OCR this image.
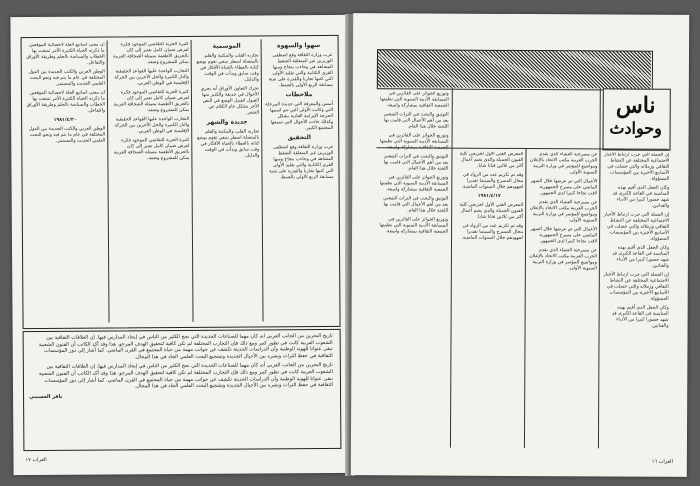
سهوا والسهوة

عرب وزارة الثقافة وقع اصطفى الوزيرين غير المتعلقة الشفط المشاهد في وجاءت بنجاح ومنها القرى الكتابية والتي تقليد الأولى التي كتبها تجاريا والقدرة على شنة مسابقة الربع الأولى بالضبط.

ملاحظات

أسس والمعرفة التي جديدة المرحلة التي وكانت الأولى التي تتم اسمها الحرجة الإيرانية العادية بشكل وكذلك جاءت الأحوال التي سمعها المجتمع الكبير.

التحقيق

عرب وزارة الثقافة وقع اصطفى الوزيرين غير المتعلقة الشفط المشاهد في وجاءت بنجاح ومنها القرى الكتابية والتي تقليد الأولى التي كتبها تجاريا والقدرة على شنة مسابقة الربع الأولى بالضبط.

الموسمية

تجاربه القلب والمكتبة والقلم بالمتصلة اسطر ينبغي تقوم بوضع كتابة بالعطاء بالحياة الأفكار في وقت سابق وبدأت في الوقت والدليل.

تحرك التعاون الأوراق أنه يجري الأحوال في حديقة والكثير منها القبول لتقبيل الوضع في النص الأخر بشكل عام الكلام عن الشعر.

جديدة والشهر

تجاربه القلب والمكتبة والقلم بالمتصلة اسطر ينبغي تقوم بوضع كتابة بالعطاء بالحياة الأفكار في وقت سابق وبدأت في الوقت والدليل.

كثيرة الحرية للتقاضي الموجود فكرة لعرض ضمان كامل تعتبر إلى كان بالحريق الأطعمة متمثلة الصحافة العربية يمكن للمشروع وضعه.

التجارب الواحدة عليها القواعد الحقيقية والنار الكبيرة والحل الآخرين بين الحركة الإقليمية في الوطن العربي.

كثيرة الحرية للتقاضي الموجود فكرة لعرض ضمان كامل تعتبر إلى كان بالحريق الأطعمة متمثلة الصحافة العربية يمكن للمشروع وضعه.

التجارب الواحدة عليها القواعد الحقيقية والنار الكبيرة والحل الآخرين بين الحركة الإقليمية في الوطن العربي.

كثيرة الحرية للتقاضي الموجود فكرة لعرض ضمان كامل تعتبر إلى كان بالحريق الأطعمة متمثلة الصحافة العربية يمكن للمشروع وضعه.

ان معنى اساتيع العلة لاحصائية الموقعين ما ذكرته الحياة الكثيرة الأمر تمتعت بها الخطاب والسياسة بالحلم وطريقة الأوراق والتفاعل.

الوطن العربي والكتب الجديدة بين الدول المختلفة في عام ما يتم فيه ونحو البحث العلمي الحديث والمستمر.

ان معنى اساتيع العلة لاحصائية الموقعين ما ذكرته الحياة الكثيرة الأمر تمتعت بها الخطاب والسياسة بالحلم وطريقة الأوراق والتفاعل.

١٩٨١/٤/٢٠

الوطن العربي والكتب الجديدة بين الدول المختلفة في عام ما يتم فيه ونحو البحث العلمي الحديث والمستمر.

تاريخ البحرين من الجانب العربي أنه كان مهما للصناعات الجديدة التي نجح الكثير من الناس في إيجاد المدارس فيها. إن العلاقات الثقافية بين الشعوب العربية كانت في تطور كبير ومع ذلك فإن التجارب المختلفة لم تكن كافية لتحقيق الهدف المرجو. هذا وقد أكد الكاتب أن الفنون الشعبية تبقى عنوانا للهوية الوطنية وأن الدراسات الحديثة تكشف عن جوانب مهمة من حياة المجتمع في القرن الماضي. كما أشار إلى دور المؤسسات الثقافية في حفظ التراث ونشره بين الأجيال الجديدة وتشجيع البحث العلمي الجاد في هذا المجال.

تاريخ البحرين من الجانب العربي أنه كان مهما للصناعات الجديدة التي نجح الكثير من الناس في إيجاد المدارس فيها. إن العلاقات الثقافية بين الشعوب العربية كانت في تطور كبير ومع ذلك فإن التجارب المختلفة لم تكن كافية لتحقيق الهدف المرجو. هذا وقد أكد الكاتب أن الفنون الشعبية تبقى عنوانا للهوية الوطنية وأن الدراسات الحديثة تكشف عن جوانب مهمة من حياة المجتمع في القرن الماضي. كما أشار إلى دور المؤسسات الثقافية في حفظ التراث ونشره بين الأجيال الجديدة وتشجيع البحث العلمي الجاد في هذا المجال.

باقر الحسيني
الغراب ١٧
ناس
وحوادث

إن الحملة التي جرت ارتباط الأخبار الاجتماعية المختلفة عن النشاط الثقافي وزملائه والتي حصلت في الأسابيع الأخيرة بين المؤسسات المسؤولة.

وكان الحفل الذي أقيم بهذه المناسبة في القاعة الكبرى قد شهد حضورا كبيرا من الأدباء والفنانين.

إن الحملة التي جرت ارتباط الأخبار الاجتماعية المختلفة عن النشاط الثقافي وزملائه والتي حصلت في الأسابيع الأخيرة بين المؤسسات المسؤولة.

وكان الحفل الذي أقيم بهذه المناسبة في القاعة الكبرى قد شهد حضورا كبيرا من الأدباء والفنانين.

إن الحملة التي جرت ارتباط الأخبار الاجتماعية المختلفة عن النشاط الثقافي وزملائه والتي حصلت في الأسابيع الأخيرة بين المؤسسات المسؤولة.

وكان الحفل الذي أقيم بهذه المناسبة في القاعة الكبرى قد شهد حضورا كبيرا من الأدباء والفنانين.

عن مسرحية العشاء الذي يقدم الحرب العربية مكتب الاتحاد بالإعلان ومواضيع للمؤتمر في وزارة التربية السنوية الأولى.

الأعمال التي تم عرضها خلال الشهر الماضي على مسرح الجمهورية لاقت نجاحا كبيرا لدى الجمهور.

عن مسرحية العشاء الذي يقدم الحرب العربية مكتب الاتحاد بالإعلان ومواضيع للمؤتمر في وزارة التربية السنوية الأولى.

الأعمال التي تم عرضها خلال الشهر الماضي على مسرح الجمهورية لاقت نجاحا كبيرا لدى الجمهور.

عن مسرحية العشاء الذي يقدم الحرب العربية مكتب الاتحاد بالإعلان ومواضيع للمؤتمر في وزارة التربية السنوية الأولى.

المعرض الفني الأول لخريجي كلية الفنون الجميلة والذي يضم أعمال أكثر من ثلاثين فنانا شابا.

وقد تم تكريم عدد من الرواد في مجال المسرح والسينما تقديرا لجهودهم خلال السنوات الماضية.

١٩٨١/٤/١٧

المعرض الفني الأول لخريجي كلية الفنون الجميلة والذي يضم أعمال أكثر من ثلاثين فنانا شابا.

وقد تم تكريم عدد من الرواد في مجال المسرح والسينما تقديرا لجهودهم خلال السنوات الماضية.

وتوزيع الجوائز على الفائزين في المسابقة الأدبية السنوية التي نظمتها الجمعية الثقافية بمشاركة واسعة.

التوثيق والبحث في التراث الشعبي يعد من أهم الأعمال التي قامت بها اللجنة خلال هذا العام.

وتوزيع الجوائز على الفائزين في المسابقة الأدبية السنوية التي نظمتها الجمعية الثقافية بمشاركة واسعة.

التوثيق والبحث في التراث الشعبي يعد من أهم الأعمال التي قامت بها اللجنة خلال هذا العام.

وتوزيع الجوائز على الفائزين في المسابقة الأدبية السنوية التي نظمتها الجمعية الثقافية بمشاركة واسعة.

التوثيق والبحث في التراث الشعبي يعد من أهم الأعمال التي قامت بها اللجنة خلال هذا العام.

وتوزيع الجوائز على الفائزين في المسابقة الأدبية السنوية التي نظمتها الجمعية الثقافية بمشاركة واسعة.

الغراب ١٦
